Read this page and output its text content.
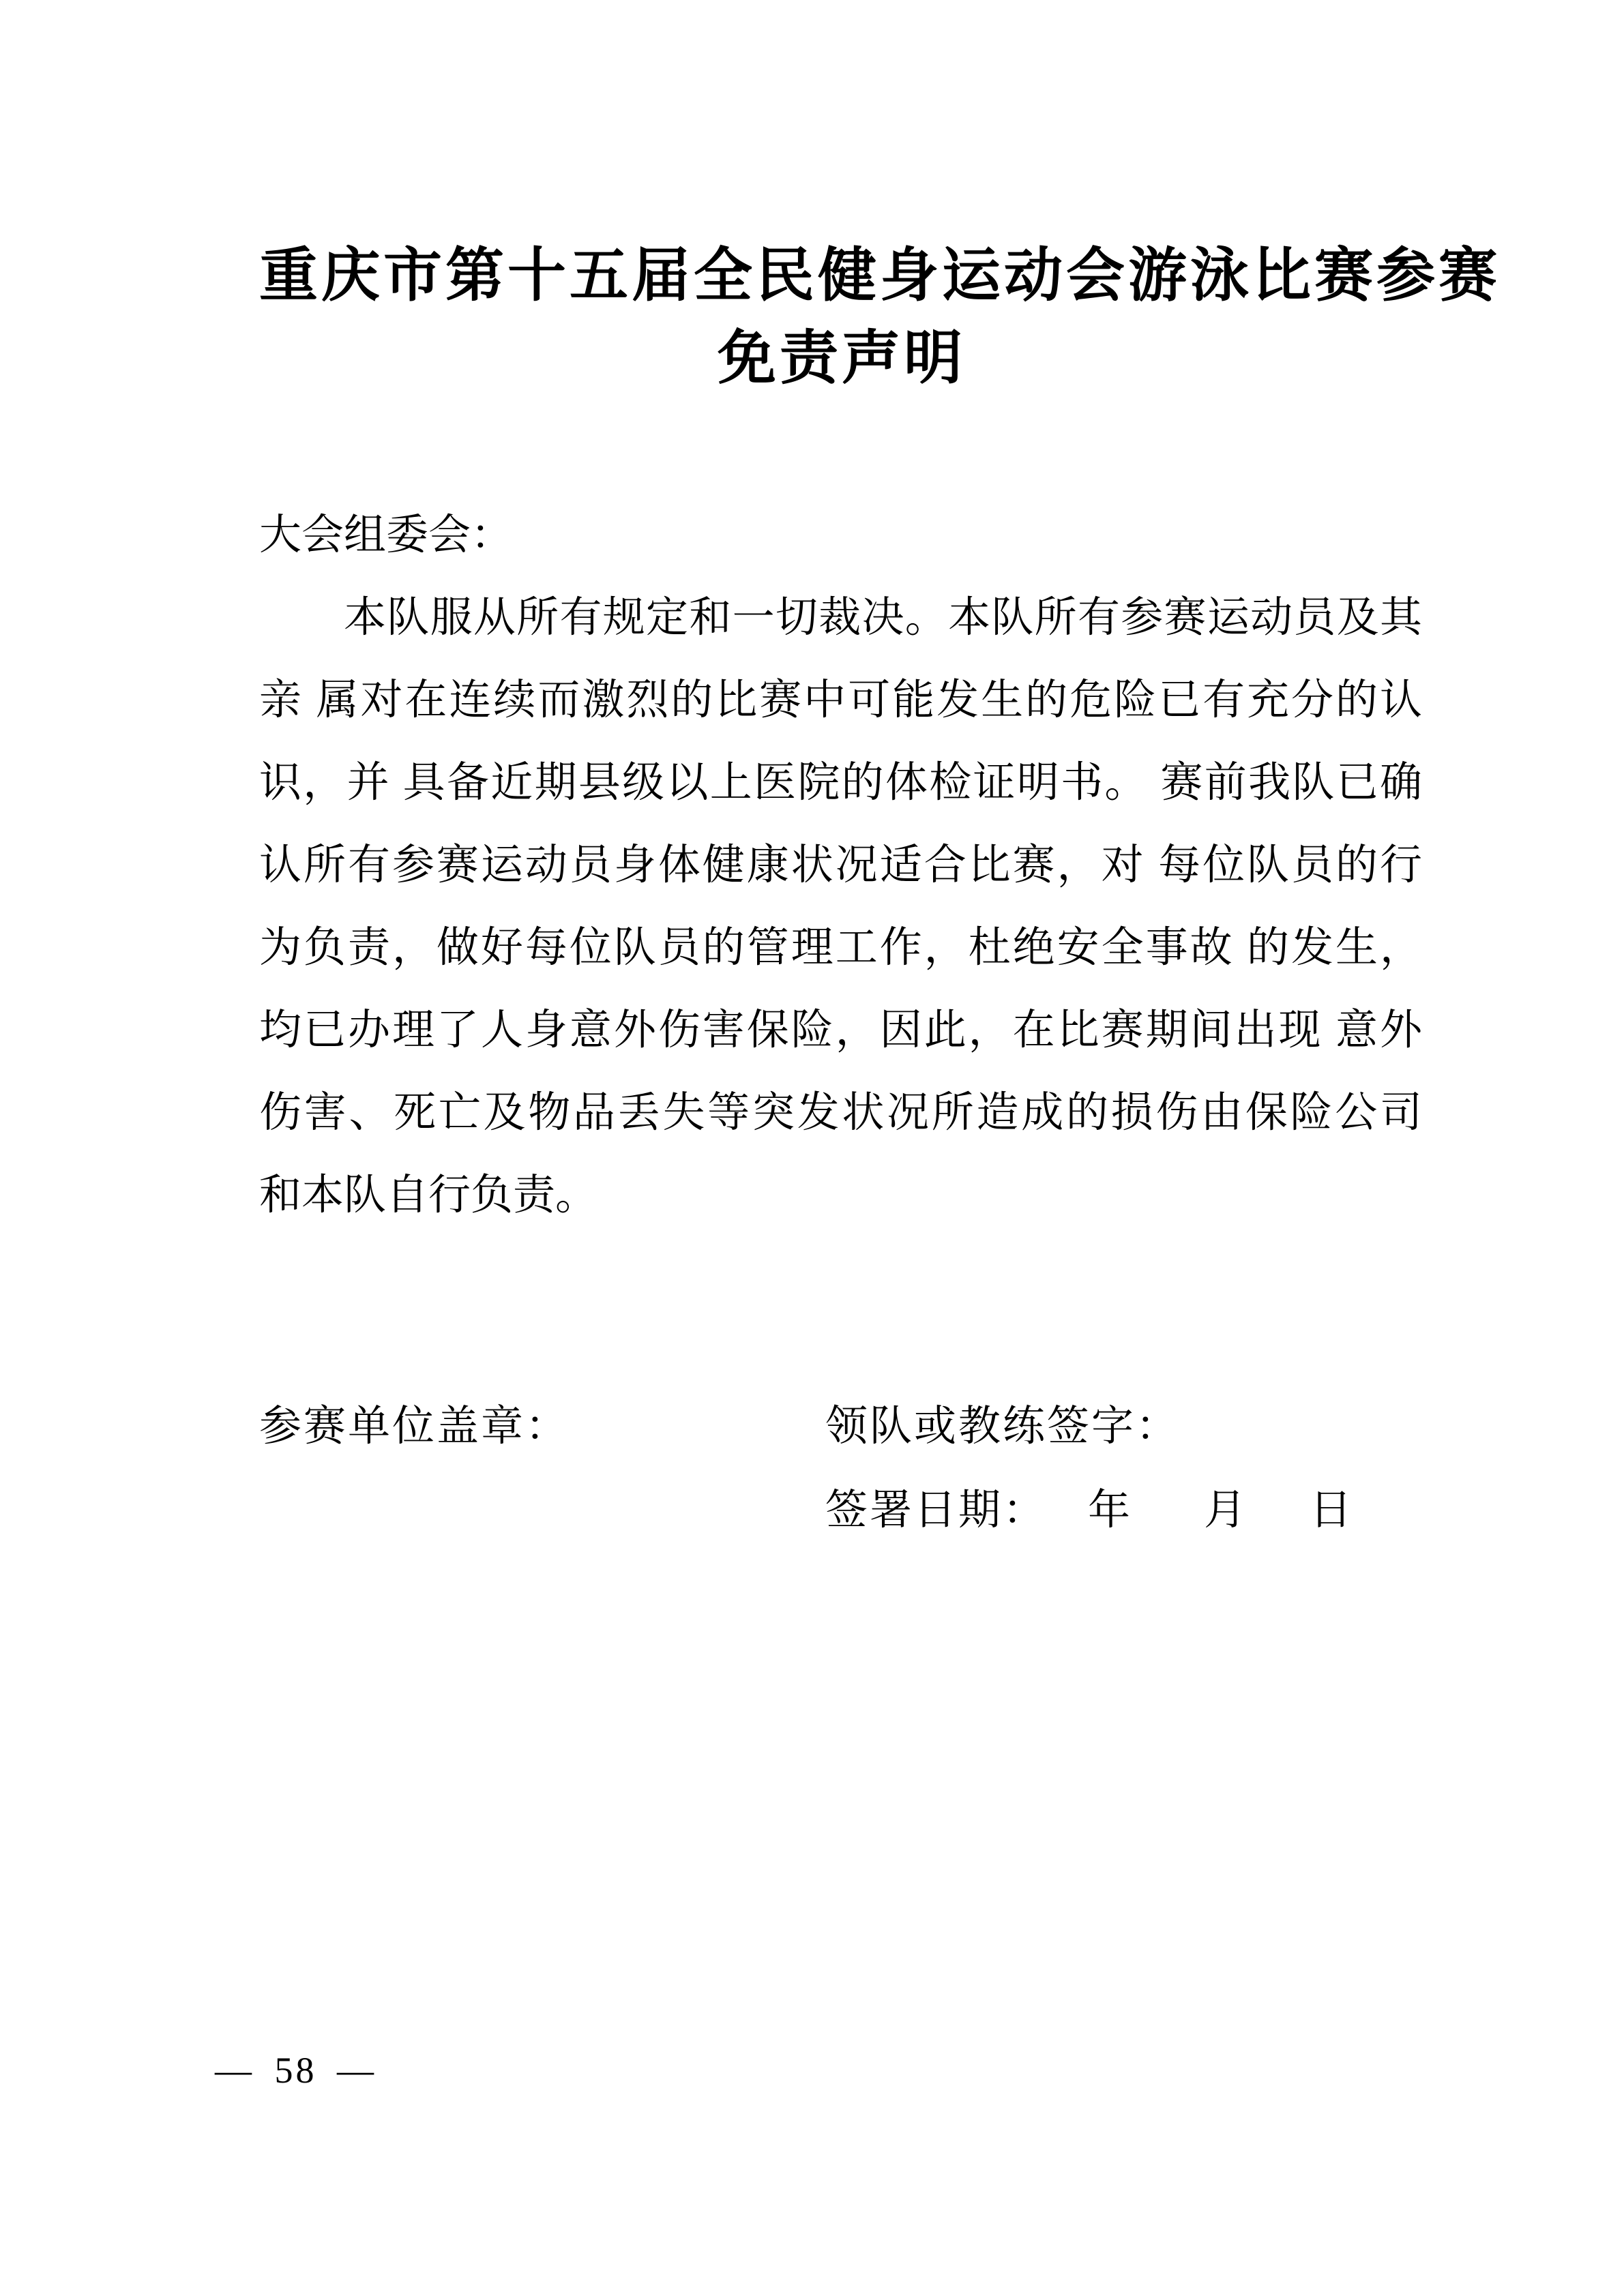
重庆市第十五届全民健身运动会游泳比赛参赛
免责声明
大会组委会：
本队服从所有规定和一切裁决。本队所有参赛运动员及其
亲 属对在连续而激烈的比赛中可能发生的危险已有充分的认
识，并 具备近期县级以上医院的体检证明书。 赛前我队已确
认所有参赛运动员身体健康状况适合比赛，对 每位队员的行
为负责，做好每位队员的管理工作，杜绝安全事故 的发生，
均已办理了人身意外伤害保险，因此，在比赛期间出现 意外
伤害、死亡及物品丢失等突发状况所造成的损伤由保险公司
和本队自行负责。
参赛单位盖章：	领队或教练签字：
签署日期： 年 月 日
— 58 —
